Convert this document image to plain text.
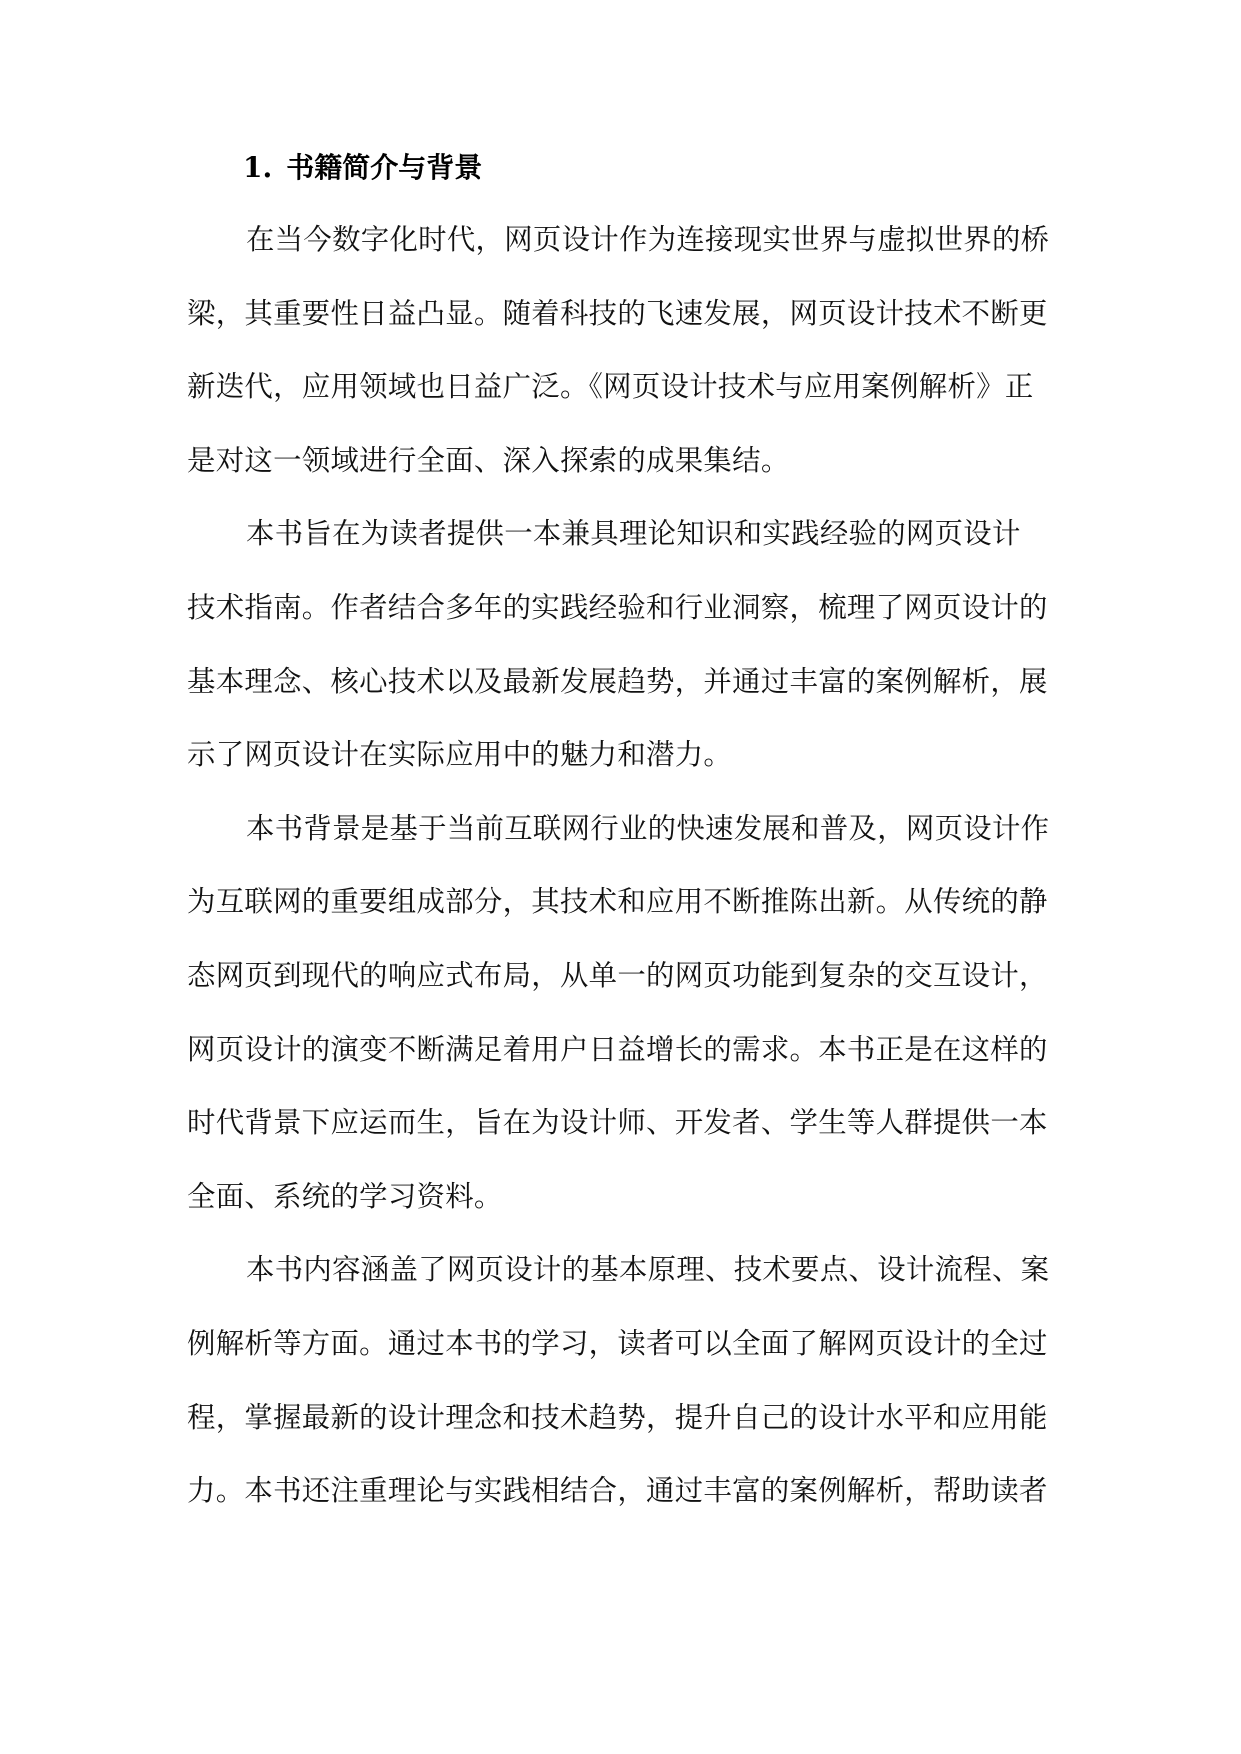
1. 书籍简介与背景
在当今数字化时代，网页设计作为连接现实世界与虚拟世界的桥
梁，其重要性日益凸显。随着科技的飞速发展，网页设计技术不断更
新迭代，应用领域也日益广泛。《网页设计技术与应用案例解析》正
是对这一领域进行全面、深入探索的成果集结。
本书旨在为读者提供一本兼具理论知识和实践经验的网页设计
技术指南。作者结合多年的实践经验和行业洞察，梳理了网页设计的
基本理念、核心技术以及最新发展趋势，并通过丰富的案例解析，展
示了网页设计在实际应用中的魅力和潜力。
本书背景是基于当前互联网行业的快速发展和普及，网页设计作
为互联网的重要组成部分，其技术和应用不断推陈出新。从传统的静
态网页到现代的响应式布局，从单一的网页功能到复杂的交互设计，
网页设计的演变不断满足着用户日益增长的需求。本书正是在这样的
时代背景下应运而生，旨在为设计师、开发者、学生等人群提供一本
全面、系统的学习资料。
本书内容涵盖了网页设计的基本原理、技术要点、设计流程、案
例解析等方面。通过本书的学习，读者可以全面了解网页设计的全过
程，掌握最新的设计理念和技术趋势，提升自己的设计水平和应用能
力。本书还注重理论与实践相结合，通过丰富的案例解析，帮助读者
